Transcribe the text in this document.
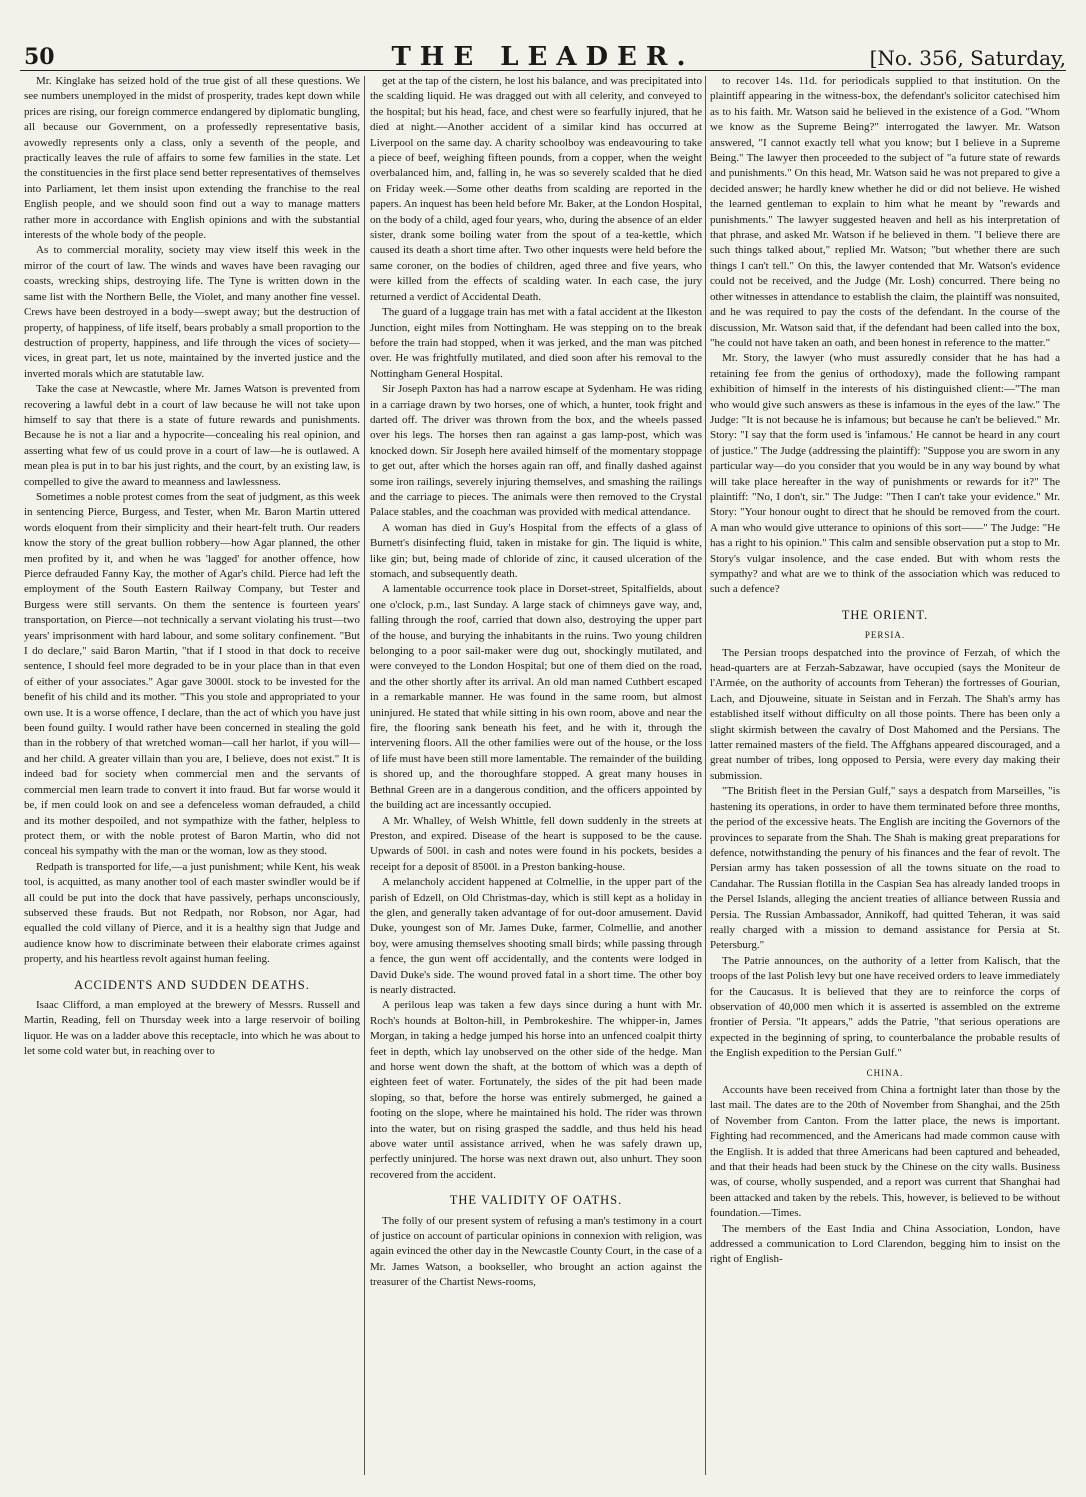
50	THE LEADER.	[No. 356, Saturday,

Mr. Kinglake has seized hold of the true gist of all these questions. We see numbers unemployed in the midst of prosperity, trades kept down while prices are rising, our foreign commerce endangered by diplomatic bungling, all because our Government, on a professedly representative basis, avowedly represents only a class, only a seventh of the people, and practically leaves the rule of affairs to some few families in the state. Let the constituencies in the first place send better representatives of themselves into Parliament, let them insist upon extending the franchise to the real English people, and we should soon find out a way to manage matters rather more in accordance with English opinions and with the substantial interests of the whole body of the people.

As to commercial morality, society may view itself this week in the mirror of the court of law. The winds and waves have been ravaging our coasts, wrecking ships, destroying life. The Tyne is written down in the same list with the Northern Belle, the Violet, and many another fine vessel. Crews have been destroyed in a body—swept away; but the destruction of property, of happiness, of life itself, bears probably a small proportion to the destruction of property, happiness, and life through the vices of society—vices, in great part, let us note, maintained by the inverted justice and the inverted morals which are statutable law.

Take the case at Newcastle, where Mr. James Watson is prevented from recovering a lawful debt in a court of law because he will not take upon himself to say that there is a state of future rewards and punishments. Because he is not a liar and a hypocrite—concealing his real opinion, and asserting what few of us could prove in a court of law—he is outlawed. A mean plea is put in to bar his just rights, and the court, by an existing law, is compelled to give the award to meanness and lawlessness.

Sometimes a noble protest comes from the seat of judgment, as this week in sentencing Pierce, Burgess, and Tester, when Mr. Baron Martin uttered words eloquent from their simplicity and their heart-felt truth. Our readers know the story of the great bullion robbery—how Agar planned, the other men profited by it, and when he was 'lagged' for another offence, how Pierce defrauded Fanny Kay, the mother of Agar's child. Pierce had left the employment of the South Eastern Railway Company, but Tester and Burgess were still servants. On them the sentence is fourteen years' transportation, on Pierce—not technically a servant violating his trust—two years' imprisonment with hard labour, and some solitary confinement. "But I do declare," said Baron Martin, "that if I stood in that dock to receive sentence, I should feel more degraded to be in your place than in that even of either of your associates." Agar gave 3000l. stock to be invested for the benefit of his child and its mother. "This you stole and appropriated to your own use. It is a worse offence, I declare, than the act of which you have just been found guilty. I would rather have been concerned in stealing the gold than in the robbery of that wretched woman—call her harlot, if you will—and her child. A greater villain than you are, I believe, does not exist." It is indeed bad for society when commercial men and the servants of commercial men learn trade to convert it into fraud. But far worse would it be, if men could look on and see a defenceless woman defrauded, a child and its mother despoiled, and not sympathize with the father, helpless to protect them, or with the noble protest of Baron Martin, who did not conceal his sympathy with the man or the woman, low as they stood.

Redpath is transported for life,—a just punishment; while Kent, his weak tool, is acquitted, as many another tool of each master swindler would be if all could be put into the dock that have passively, perhaps unconsciously, subserved these frauds. But not Redpath, nor Robson, nor Agar, had equalled the cold villany of Pierce, and it is a healthy sign that Judge and audience know how to discriminate between their elaborate crimes against property, and his heartless revolt against human feeling.

ACCIDENTS AND SUDDEN DEATHS.

Isaac Clifford, a man employed at the brewery of Messrs. Russell and Martin, Reading, fell on Thursday week into a large reservoir of boiling liquor. He was on a ladder above this receptacle, into which he was about to let some cold water but, in reaching over to

get at the tap of the cistern, he lost his balance, and was precipitated into the scalding liquid. He was dragged out with all celerity, and conveyed to the hospital; but his head, face, and chest were so fearfully injured, that he died at night.—Another accident of a similar kind has occurred at Liverpool on the same day. A charity schoolboy was endeavouring to take a piece of beef, weighing fifteen pounds, from a copper, when the weight overbalanced him, and, falling in, he was so severely scalded that he died on Friday week.—Some other deaths from scalding are reported in the papers. An inquest has been held before Mr. Baker, at the London Hospital, on the body of a child, aged four years, who, during the absence of an elder sister, drank some boiling water from the spout of a tea-kettle, which caused its death a short time after. Two other inquests were held before the same coroner, on the bodies of children, aged three and five years, who were killed from the effects of scalding water. In each case, the jury returned a verdict of Accidental Death.

The guard of a luggage train has met with a fatal accident at the Ilkeston Junction, eight miles from Nottingham. He was stepping on to the break before the train had stopped, when it was jerked, and the man was pitched over. He was frightfully mutilated, and died soon after his removal to the Nottingham General Hospital.

Sir Joseph Paxton has had a narrow escape at Sydenham. He was riding in a carriage drawn by two horses, one of which, a hunter, took fright and darted off. The driver was thrown from the box, and the wheels passed over his legs. The horses then ran against a gas lamp-post, which was knocked down. Sir Joseph here availed himself of the momentary stoppage to get out, after which the horses again ran off, and finally dashed against some iron railings, severely injuring themselves, and smashing the railings and the carriage to pieces. The animals were then removed to the Crystal Palace stables, and the coachman was provided with medical attendance.

A woman has died in Guy's Hospital from the effects of a glass of Burnett's disinfecting fluid, taken in mistake for gin. The liquid is white, like gin; but, being made of chloride of zinc, it caused ulceration of the stomach, and subsequently death.

A lamentable occurrence took place in Dorset-street, Spitalfields, about one o'clock, p.m., last Sunday. A large stack of chimneys gave way, and, falling through the roof, carried that down also, destroying the upper part of the house, and burying the inhabitants in the ruins. Two young children belonging to a poor sail-maker were dug out, shockingly mutilated, and were conveyed to the London Hospital; but one of them died on the road, and the other shortly after its arrival. An old man named Cuthbert escaped in a remarkable manner. He was found in the same room, but almost uninjured. He stated that while sitting in his own room, above and near the fire, the flooring sank beneath his feet, and he with it, through the intervening floors. All the other families were out of the house, or the loss of life must have been still more lamentable. The remainder of the building is shored up, and the thoroughfare stopped. A great many houses in Bethnal Green are in a dangerous condition, and the officers appointed by the building act are incessantly occupied.

A Mr. Whalley, of Welsh Whittle, fell down suddenly in the streets at Preston, and expired. Disease of the heart is supposed to be the cause. Upwards of 500l. in cash and notes were found in his pockets, besides a receipt for a deposit of 8500l. in a Preston banking-house.

A melancholy accident happened at Colmellie, in the upper part of the parish of Edzell, on Old Christmas-day, which is still kept as a holiday in the glen, and generally taken advantage of for out-door amusement. David Duke, youngest son of Mr. James Duke, farmer, Colmellie, and another boy, were amusing themselves shooting small birds; while passing through a fence, the gun went off accidentally, and the contents were lodged in David Duke's side. The wound proved fatal in a short time. The other boy is nearly distracted.

A perilous leap was taken a few days since during a hunt with Mr. Roch's hounds at Bolton-hill, in Pembrokeshire. The whipper-in, James Morgan, in taking a hedge jumped his horse into an unfenced coalpit thirty feet in depth, which lay unobserved on the other side of the hedge. Man and horse went down the shaft, at the bottom of which was a depth of eighteen feet of water. Fortunately, the sides of the pit had been made sloping, so that, before the horse was entirely submerged, he gained a footing on the slope, where he maintained his hold. The rider was thrown into the water, but on rising grasped the saddle, and thus held his head above water until assistance arrived, when he was safely drawn up, perfectly uninjured. The horse was next drawn out, also unhurt. They soon recovered from the accident.

THE VALIDITY OF OATHS.

The folly of our present system of refusing a man's testimony in a court of justice on account of particular opinions in connexion with religion, was again evinced the other day in the Newcastle County Court, in the case of a Mr. James Watson, a bookseller, who brought an action against the treasurer of the Chartist News-rooms,

to recover 14s. 11d. for periodicals supplied to that institution. On the plaintiff appearing in the witness-box, the defendant's solicitor catechised him as to his faith. Mr. Watson said he believed in the existence of a God. "Whom we know as the Supreme Being?" interrogated the lawyer. Mr. Watson answered, "I cannot exactly tell what you know; but I believe in a Supreme Being." The lawyer then proceeded to the subject of "a future state of rewards and punishments." On this head, Mr. Watson said he was not prepared to give a decided answer; he hardly knew whether he did or did not believe. He wished the learned gentleman to explain to him what he meant by "rewards and punishments." The lawyer suggested heaven and hell as his interpretation of that phrase, and asked Mr. Watson if he believed in them. "I believe there are such things talked about," replied Mr. Watson; "but whether there are such things I can't tell." On this, the lawyer contended that Mr. Watson's evidence could not be received, and the Judge (Mr. Losh) concurred. There being no other witnesses in attendance to establish the claim, the plaintiff was nonsuited, and he was required to pay the costs of the defendant. In the course of the discussion, Mr. Watson said that, if the defendant had been called into the box, "he could not have taken an oath, and been honest in reference to the matter."

Mr. Story, the lawyer (who must assuredly consider that he has had a retaining fee from the genius of orthodoxy), made the following rampant exhibition of himself in the interests of his distinguished client:—"The man who would give such answers as these is infamous in the eyes of the law." The Judge: "It is not because he is infamous; but because he can't be believed." Mr. Story: "I say that the form used is 'infamous.' He cannot be heard in any court of justice." The Judge (addressing the plaintiff): "Suppose you are sworn in any particular way—do you consider that you would be in any way bound by what will take place hereafter in the way of punishments or rewards for it?" The plaintiff: "No, I don't, sir." The Judge: "Then I can't take your evidence." Mr. Story: "Your honour ought to direct that he should be removed from the court. A man who would give utterance to opinions of this sort——" The Judge: "He has a right to his opinion." This calm and sensible observation put a stop to Mr. Story's vulgar insolence, and the case ended. But with whom rests the sympathy? and what are we to think of the association which was reduced to such a defence?

THE ORIENT.
PERSIA.

The Persian troops despatched into the province of Ferzah, of which the head-quarters are at Ferzah-Sabzawar, have occupied (says the Moniteur de l'Armée, on the authority of accounts from Teheran) the fortresses of Gourian, Lach, and Djouweine, situate in Seistan and in Ferzah. The Shah's army has established itself without difficulty on all those points. There has been only a slight skirmish between the cavalry of Dost Mahomed and the Persians. The latter remained masters of the field. The Affghans appeared discouraged, and a great number of tribes, long opposed to Persia, were every day making their submission.

"The British fleet in the Persian Gulf," says a despatch from Marseilles, "is hastening its operations, in order to have them terminated before three months, the period of the excessive heats. The English are inciting the Governors of the provinces to separate from the Shah. The Shah is making great preparations for defence, notwithstanding the penury of his finances and the fear of revolt. The Persian army has taken possession of all the towns situate on the road to Candahar. The Russian flotilla in the Caspian Sea has already landed troops in the Persel Islands, alleging the ancient treaties of alliance between Russia and Persia. The Russian Ambassador, Annikoff, had quitted Teheran, it was said really charged with a mission to demand assistance for Persia at St. Petersburg."

The Patrie announces, on the authority of a letter from Kalisch, that the troops of the last Polish levy but one have received orders to leave immediately for the Caucasus. It is believed that they are to reinforce the corps of observation of 40,000 men which it is asserted is assembled on the extreme frontier of Persia. "It appears," adds the Patrie, "that serious operations are expected in the beginning of spring, to counterbalance the probable results of the English expedition to the Persian Gulf."

CHINA.

Accounts have been received from China a fortnight later than those by the last mail. The dates are to the 20th of November from Shanghai, and the 25th of November from Canton. From the latter place, the news is important. Fighting had recommenced, and the Americans had made common cause with the English. It is added that three Americans had been captured and beheaded, and that their heads had been stuck by the Chinese on the city walls. Business was, of course, wholly suspended, and a report was current that Shanghai had been attacked and taken by the rebels. This, however, is believed to be without foundation.—Times.

The members of the East India and China Association, London, have addressed a communication to Lord Clarendon, begging him to insist on the right of English-
